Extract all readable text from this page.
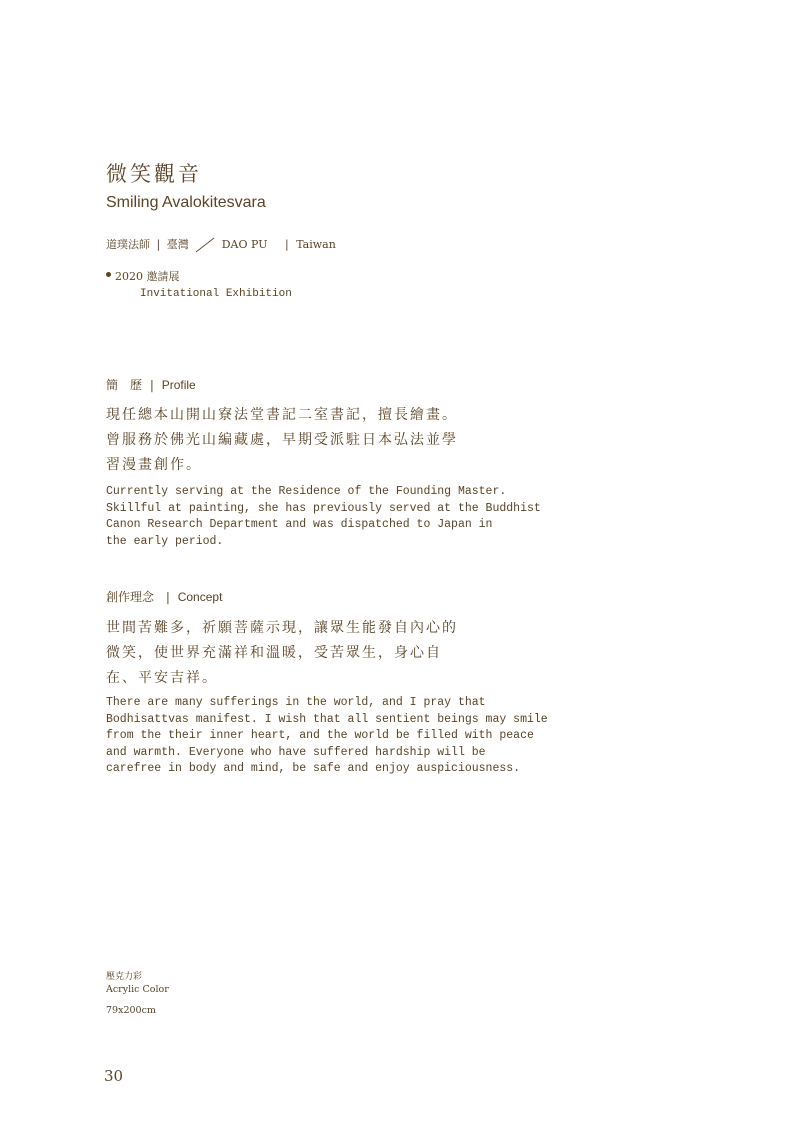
微笑觀音
Smiling Avalokitesvara
道璞法師 | 臺灣	DAO PU | Taiwan
2020 邀請展
Invitational Exhibition
簡　歷 | Profile
現任總本山開山寮法堂書記二室書記，擅長繪畫。曾服務於佛光山編藏處，早期受派駐日本弘法並學習漫畫創作。
Currently serving at the Residence of the Founding Master.
Skillful at painting, she has previously served at the Buddhist
Canon Research Department and was dispatched to Japan in
the early period.
創作理念 | Concept
世間苦難多，祈願菩薩示現，讓眾生能發自內心的微笑，使世界充滿祥和溫暖，受苦眾生，身心自在、平安吉祥。
There are many sufferings in the world, and I pray that
Bodhisattvas manifest. I wish that all sentient beings may smile
from the their inner heart, and the world be filled with peace
and warmth. Everyone who have suffered hardship will be
carefree in body and mind, be safe and enjoy auspiciousness.
壓克力彩
Acrylic Color
79x200cm
30
